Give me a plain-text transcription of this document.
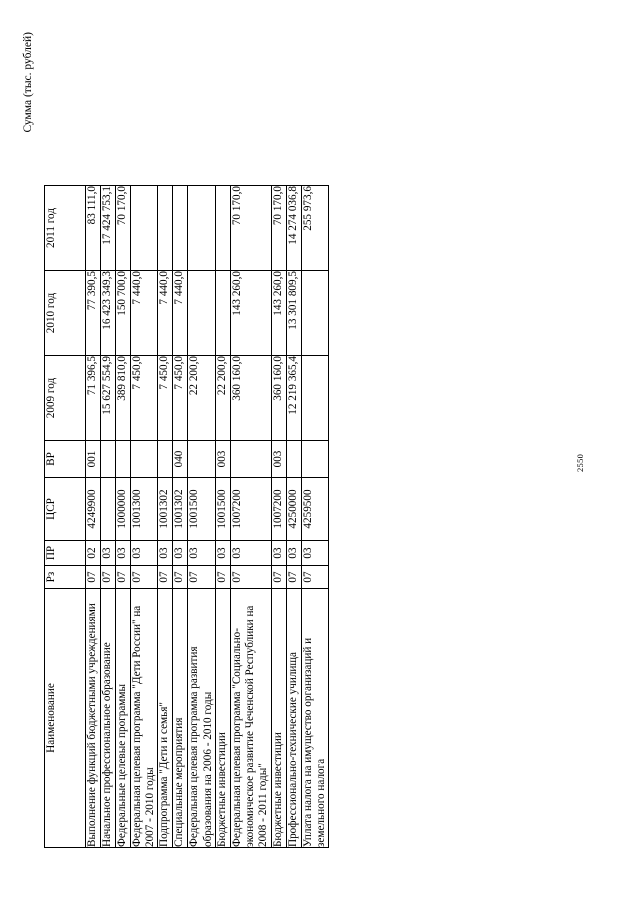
2550
Сумма (тыс. рублей)
Наименование	Рз	ПР	ЦСР	ВР	2009 год	2010 год	2011 год
Выполнение функций бюджетными учреждениями	07	02	4249900	001	71 396,5	77 390,5	83 111,0
Начальное профессиональное образование	07	03			15 627 554,9	16 423 349,3	17 424 753,1
Федеральные целевые программы	07	03	1000000		389 810,0	150 700,0	70 170,0
Федеральная целевая программа "Дети России" на 2007 - 2010 годы	07	03	1001300		7 450,0	7 440,0	
Подпрограмма "Дети и семья"	07	03	1001302		7 450,0	7 440,0	
Специальные мероприятия	07	03	1001302	040	7 450,0	7 440,0	
Федеральная целевая программа развития образования на 2006 - 2010 годы	07	03	1001500		22 200,0		
Бюджетные инвестиции	07	03	1001500	003	22 200,0		
Федеральная целевая программа "Социально-экономическое развитие Чеченской Республики на 2008 - 2011 годы"	07	03	1007200		360 160,0	143 260,0	70 170,0
Бюджетные инвестиции	07	03	1007200	003	360 160,0	143 260,0	70 170,0
Профессионально-технические училища	07	03	4250000		12 219 365,4	13 301 809,5	14 274 036,8
Уплата налога на имущество организаций и земельного налога	07	03	4259500				255 973,6
